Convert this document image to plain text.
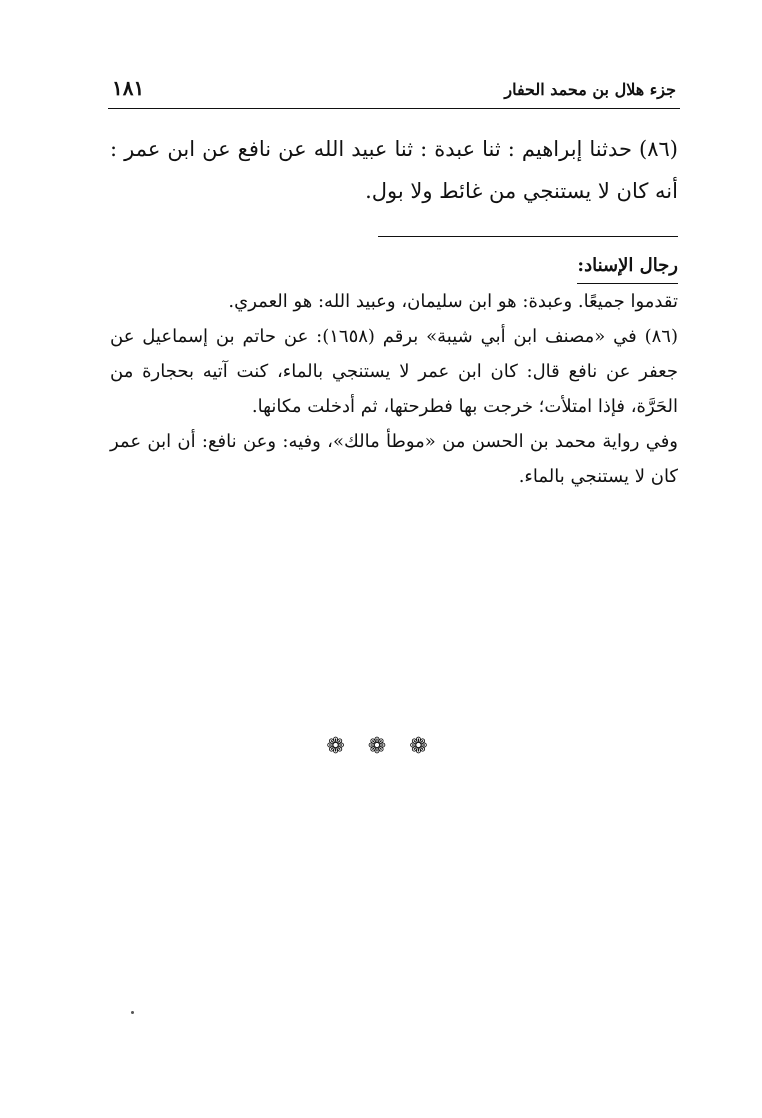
١٨١	جزء هلال بن محمد الحفار

(٨٦) حدثنا إبراهيم : ثنا عبدة : ثنا عبيد الله عن نافع عن ابن عمر : أنه كان لا يستنجي من غائط ولا بول.

رجال الإسناد:

تقدموا جميعًا. وعبدة: هو ابن سليمان، وعبيد الله: هو العمري.

(٨٦) في «مصنف ابن أبي شيبة» برقم (١٦٥٨): عن حاتم بن إسماعيل عن جعفر عن نافع قال: كان ابن عمر لا يستنجي بالماء، كنت آتيه بحجارة من الحَرَّة، فإذا امتلأت؛ خرجت بها فطرحتها، ثم أدخلت مكانها.

وفي رواية محمد بن الحسن من «موطأ مالك»، وفيه: وعن نافع: أن ابن عمر كان لا يستنجي بالماء.

❁ ❁ ❁
